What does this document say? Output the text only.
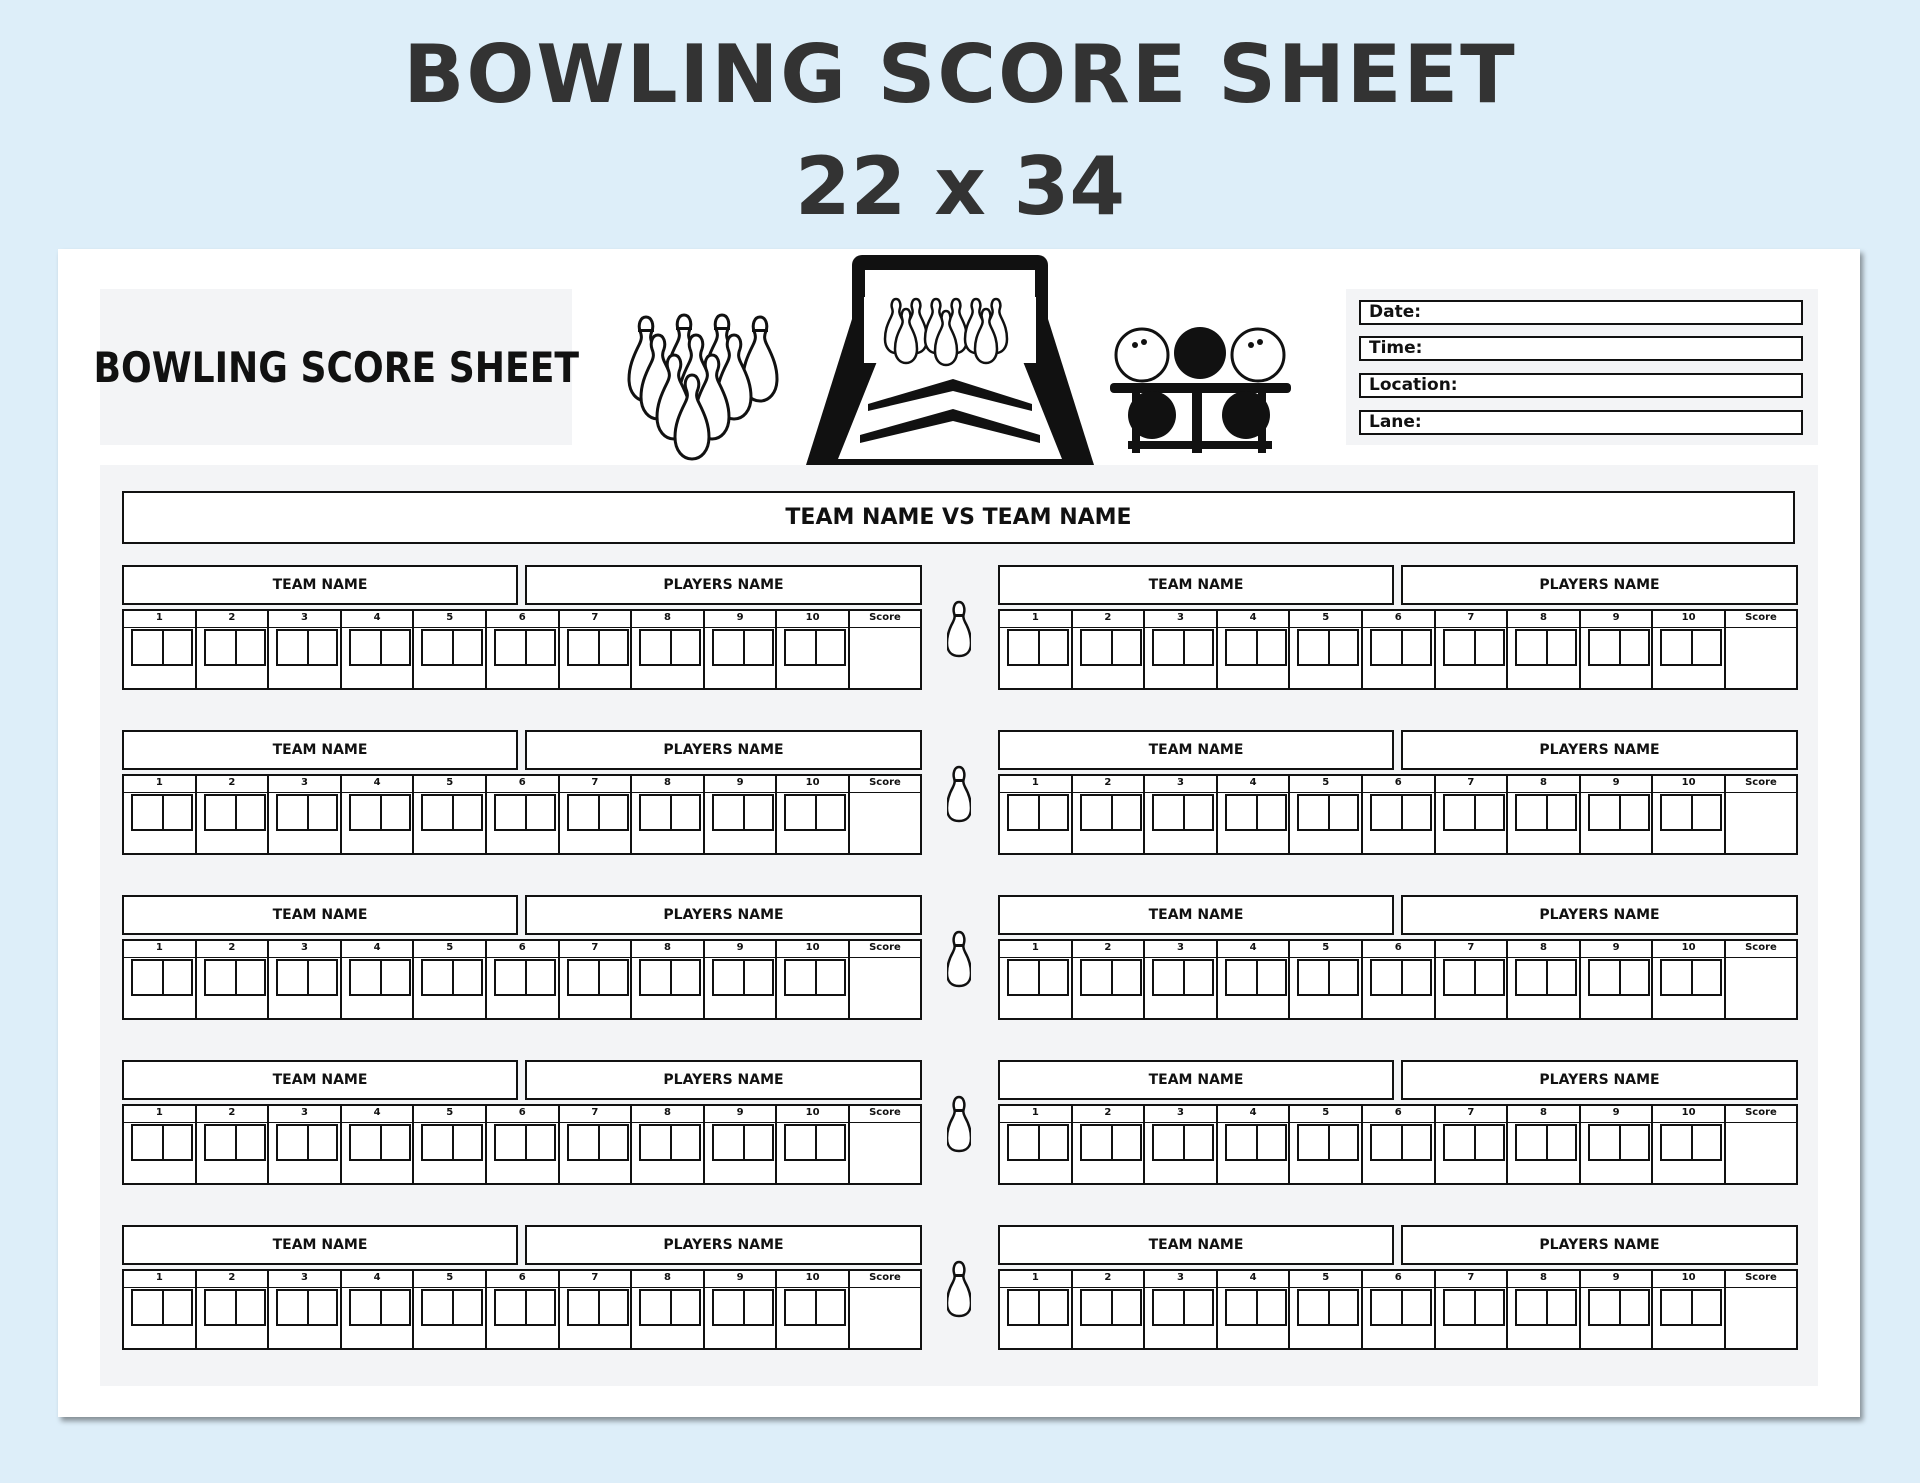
BOWLING SCORE SHEET
22 x 34
BOWLING SCORE SHEET
Date:
Time:
Location:
Lane:
TEAM NAME VS TEAM NAME
TEAM NAME	PLAYERS NAME
1	2	3	4	5	6	7	8	9	10	Score
TEAM NAME	PLAYERS NAME
1	2	3	4	5	6	7	8	9	10	Score
TEAM NAME	PLAYERS NAME
1	2	3	4	5	6	7	8	9	10	Score
TEAM NAME	PLAYERS NAME
1	2	3	4	5	6	7	8	9	10	Score
TEAM NAME	PLAYERS NAME
1	2	3	4	5	6	7	8	9	10	Score
TEAM NAME	PLAYERS NAME
1	2	3	4	5	6	7	8	9	10	Score
TEAM NAME	PLAYERS NAME
1	2	3	4	5	6	7	8	9	10	Score
TEAM NAME	PLAYERS NAME
1	2	3	4	5	6	7	8	9	10	Score
TEAM NAME	PLAYERS NAME
1	2	3	4	5	6	7	8	9	10	Score
TEAM NAME	PLAYERS NAME
1	2	3	4	5	6	7	8	9	10	Score
